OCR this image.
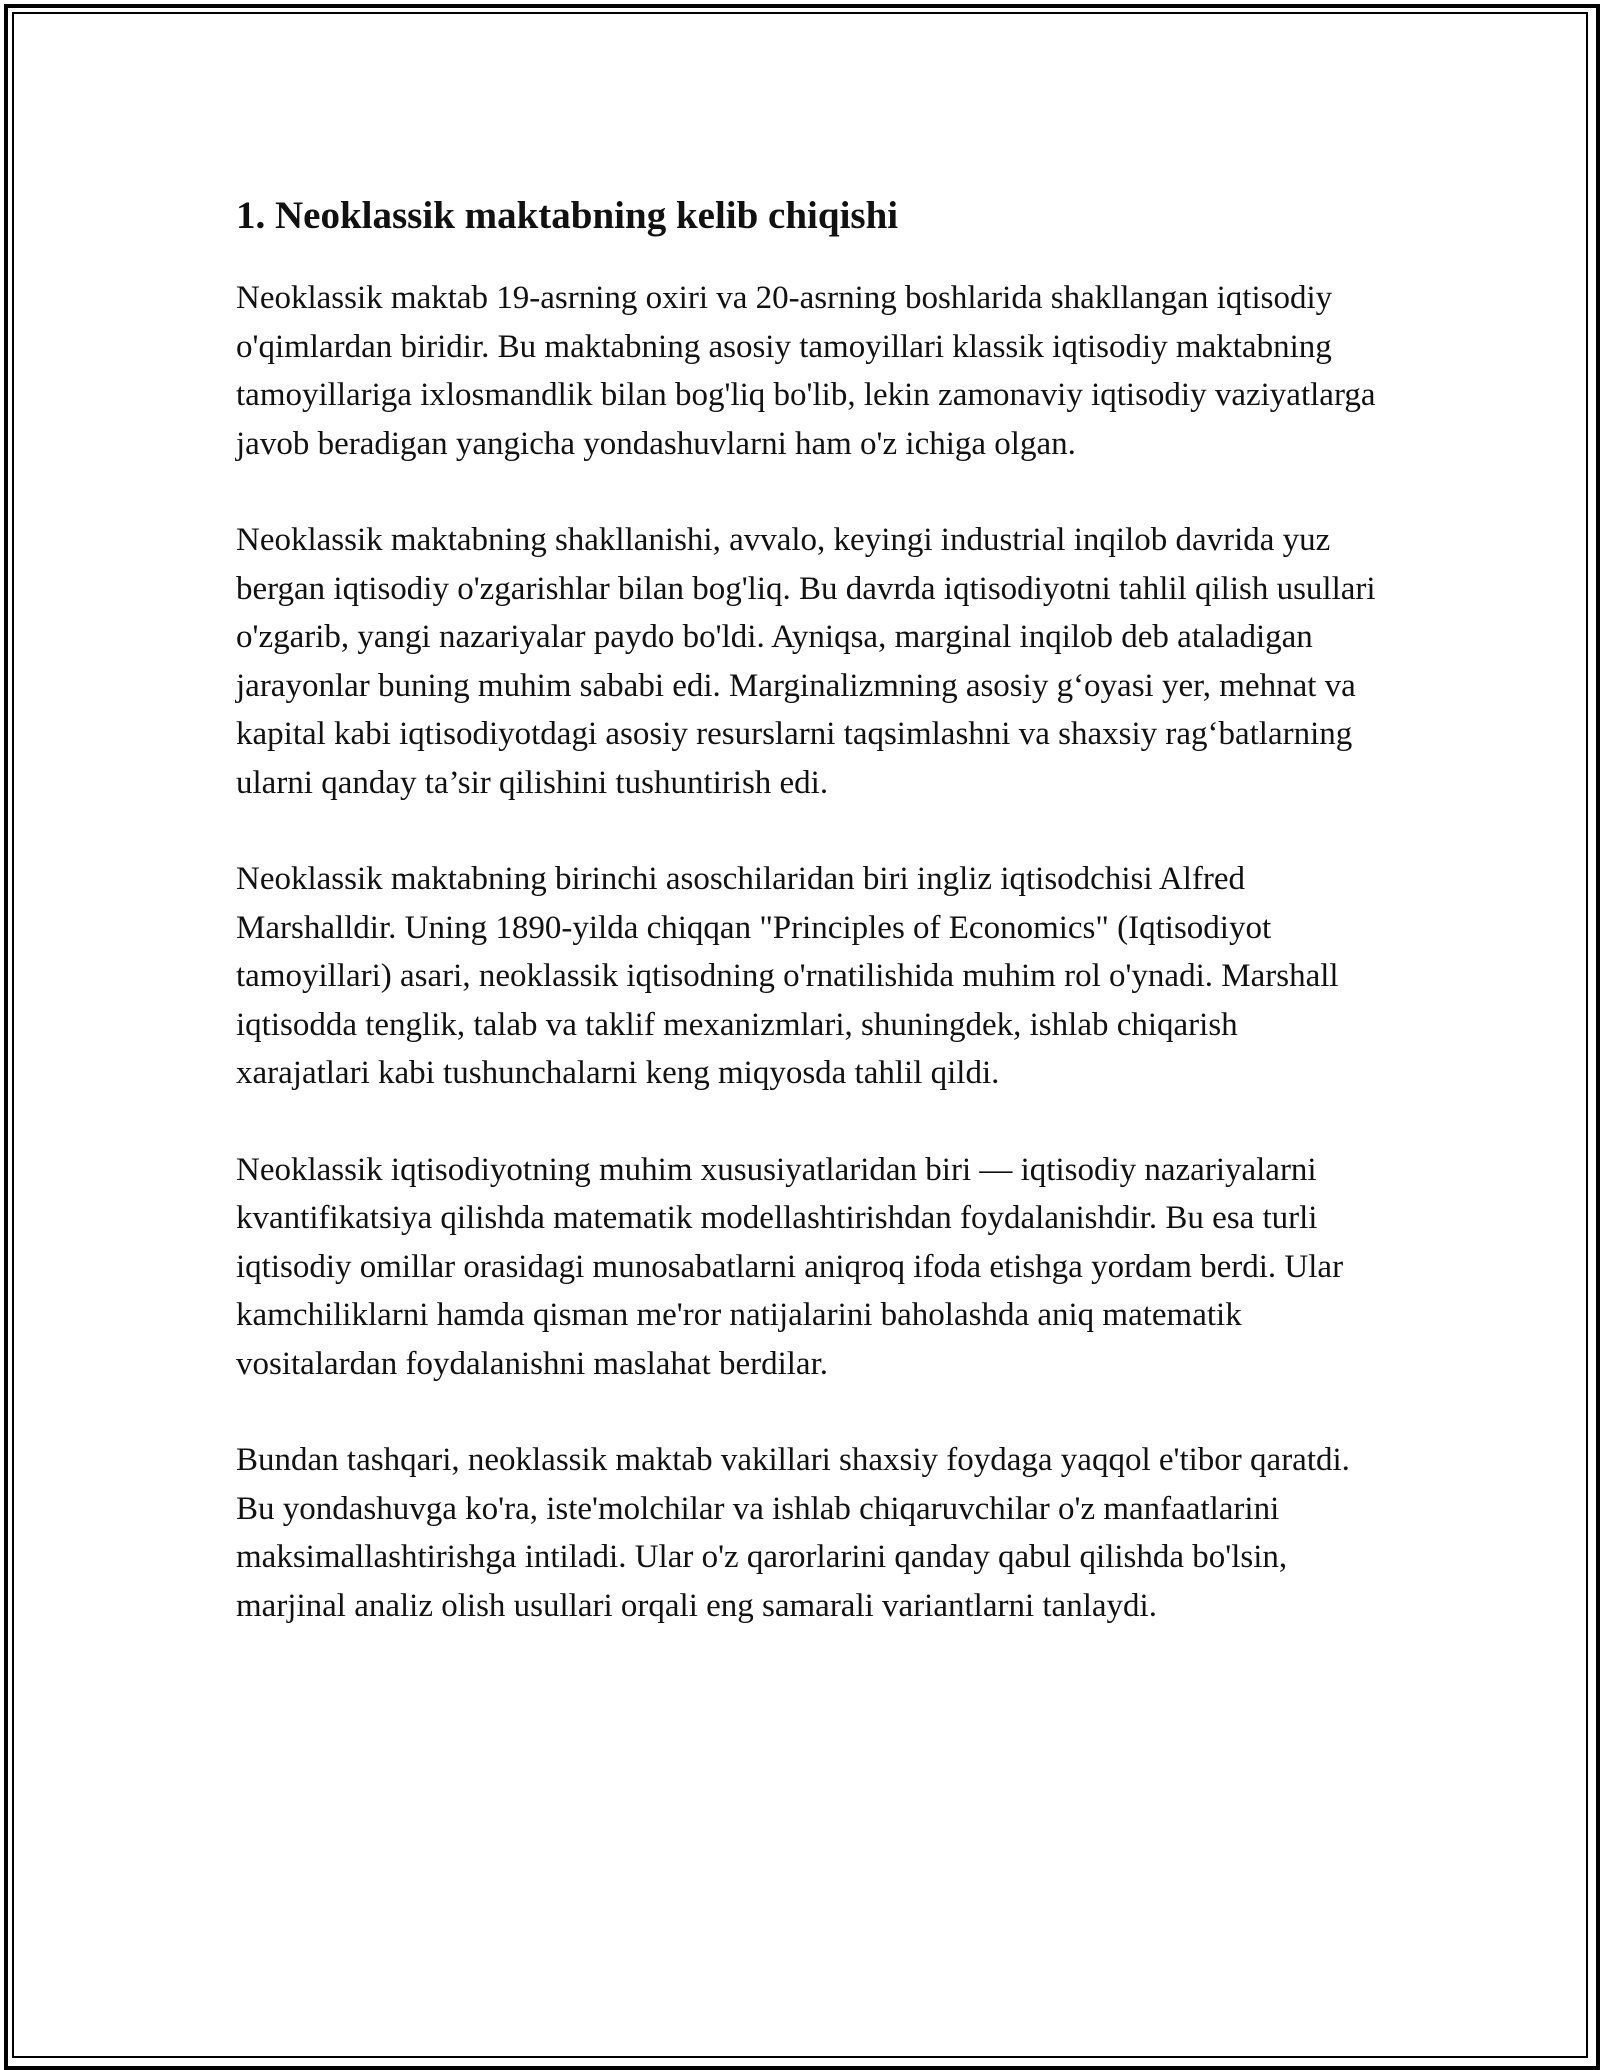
1. Neoklassik maktabning kelib chiqishi

Neoklassik maktab 19-asrning oxiri va 20-asrning boshlarida shakllangan iqtisodiy o'qimlardan biridir. Bu maktabning asosiy tamoyillari klassik iqtisodiy maktabning tamoyillariga ixlosmandlik bilan bog'liq bo'lib, lekin zamonaviy iqtisodiy vaziyatlarga javob beradigan yangicha yondashuvlarni ham o'z ichiga olgan.

Neoklassik maktabning shakllanishi, avvalo, keyingi industrial inqilob davrida yuz bergan iqtisodiy o'zgarishlar bilan bog'liq. Bu davrda iqtisodiyotni tahlil qilish usullari o'zgarib, yangi nazariyalar paydo bo'ldi. Ayniqsa, marginal inqilob deb ataladigan jarayonlar buning muhim sababi edi. Marginalizmning asosiy g‘oyasi yer, mehnat va kapital kabi iqtisodiyotdagi asosiy resurslarni taqsimlashni va shaxsiy rag‘batlarning ularni qanday ta’sir qilishini tushuntirish edi.

Neoklassik maktabning birinchi asoschilaridan biri ingliz iqtisodchisi Alfred Marshalldir. Uning 1890-yilda chiqqan "Principles of Economics" (Iqtisodiyot tamoyillari) asari, neoklassik iqtisodning o'rnatilishida muhim rol o'ynadi. Marshall iqtisodda tenglik, talab va taklif mexanizmlari, shuningdek, ishlab chiqarish xarajatlari kabi tushunchalarni keng miqyosda tahlil qildi.

Neoklassik iqtisodiyotning muhim xususiyatlaridan biri — iqtisodiy nazariyalarni kvantifikatsiya qilishda matematik modellashtirishdan foydalanishdir. Bu esa turli iqtisodiy omillar orasidagi munosabatlarni aniqroq ifoda etishga yordam berdi. Ular kamchiliklarni hamda qisman me'ror natijalarini baholashda aniq matematik vositalardan foydalanishni maslahat berdilar.

Bundan tashqari, neoklassik maktab vakillari shaxsiy foydaga yaqqol e'tibor qaratdi. Bu yondashuvga ko'ra, iste'molchilar va ishlab chiqaruvchilar o'z manfaatlarini maksimallashtirishga intiladi. Ular o'z qarorlarini qanday qabul qilishda bo'lsin, marjinal analiz olish usullari orqali eng samarali variantlarni tanlaydi.
